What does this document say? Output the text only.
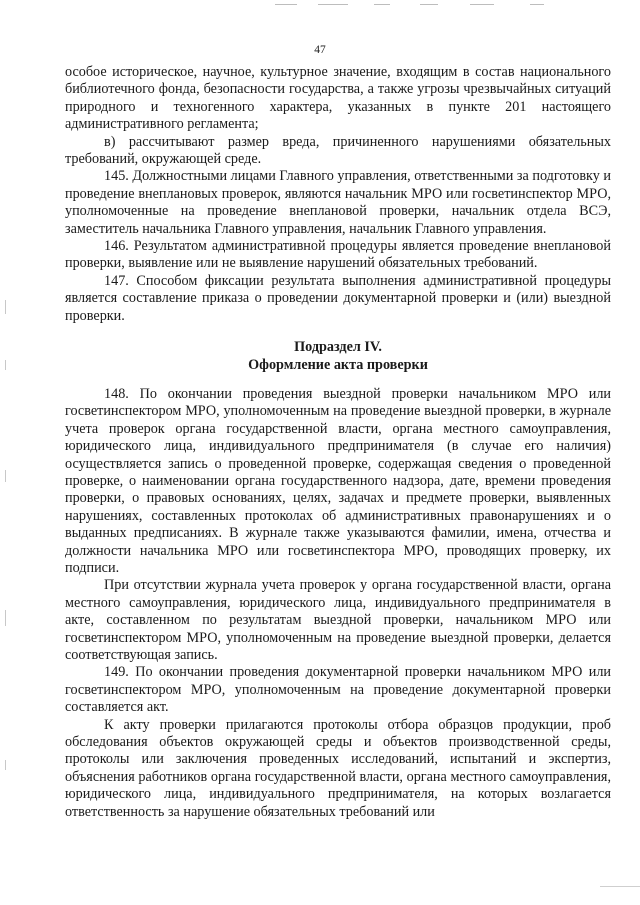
47

особое историческое, научное, культурное значение, входящим в состав национального библиотечного фонда, безопасности государства, а также угрозы чрезвычайных ситуаций природного и техногенного характера, указанных в пункте 201 настоящего административного регламента;

в) рассчитывают размер вреда, причиненного нарушениями обязательных требований, окружающей среде.

145. Должностными лицами Главного управления, ответственными за подготовку и проведение внеплановых проверок, являются начальник МРО или госветинспектор МРО, уполномоченные на проведение внеплановой проверки, начальник отдела ВСЭ, заместитель начальника Главного управления, начальник Главного управления.

146. Результатом административной процедуры является проведение внеплановой проверки, выявление или не выявление нарушений обязательных требований.

147. Способом фиксации результата выполнения административной процедуры является составление приказа о проведении документарной проверки и (или) выездной проверки.

Подраздел IV.
Оформление акта проверки

148. По окончании проведения выездной проверки начальником МРО или госветинспектором МРО, уполномоченным на проведение выездной проверки, в журнале учета проверок органа государственной власти, органа местного самоуправления, юридического лица, индивидуального предпринимателя (в случае его наличия) осуществляется запись о проведенной проверке, содержащая сведения о проведенной проверке, о наименовании органа государственного надзора, дате, времени проведения проверки, о правовых основаниях, целях, задачах и предмете проверки, выявленных нарушениях, составленных протоколах об административных правонарушениях и о выданных предписаниях. В журнале также указываются фамилии, имена, отчества и должности начальника МРО или госветинспектора МРО, проводящих проверку, их подписи.

При отсутствии журнала учета проверок у органа государственной власти, органа местного самоуправления, юридического лица, индивидуального предпринимателя в акте, составленном по результатам выездной проверки, начальником МРО или госветинспектором МРО, уполномоченным на проведение выездной проверки, делается соответствующая запись.

149. По окончании проведения документарной проверки начальником МРО или госветинспектором МРО, уполномоченным на проведение документарной проверки составляется акт.

К акту проверки прилагаются протоколы отбора образцов продукции, проб обследования объектов окружающей среды и объектов производственной среды, протоколы или заключения проведенных исследований, испытаний и экспертиз, объяснения работников органа государственной власти, органа местного самоуправления, юридического лица, индивидуального предпринимателя, на которых возлагается ответственность за нарушение обязательных требований или
